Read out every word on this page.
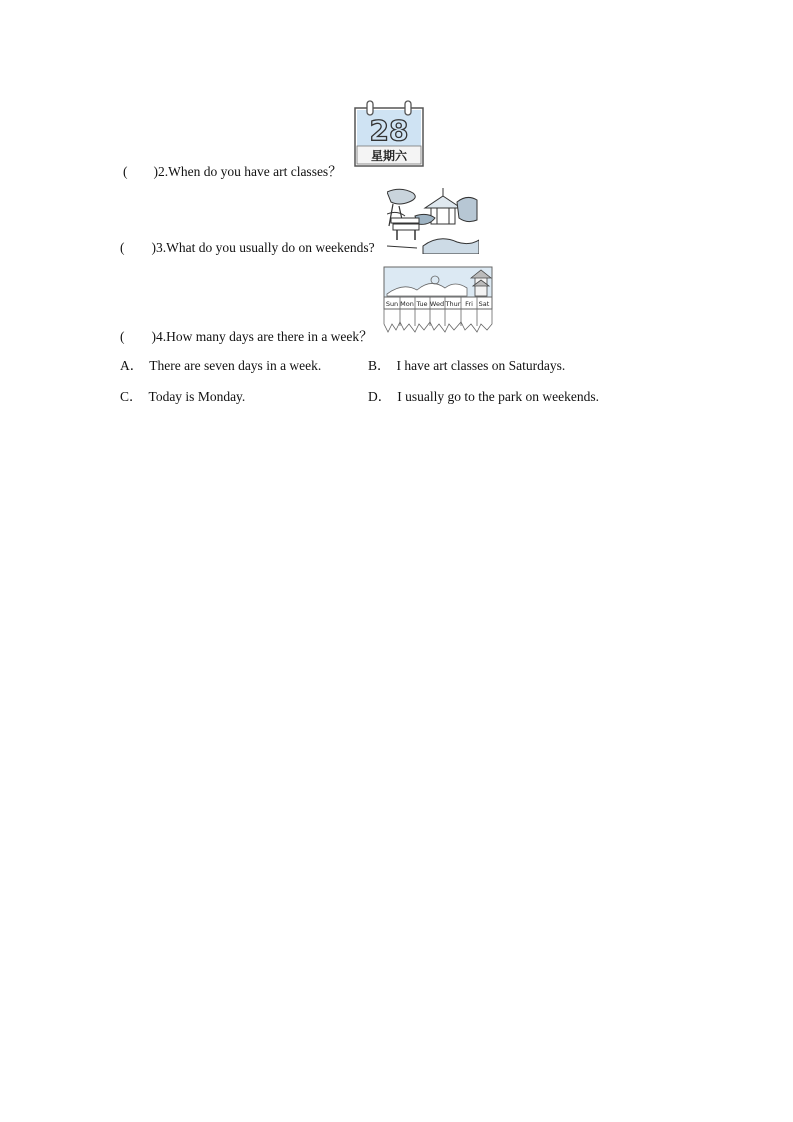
( )2.When do you have art classes？
28
星期六
( )3.What do you usually do on weekends?
( )4.How many days are there in a week？
Sun Mon Tue Wed Thur Fri Sat
A． There are seven days in a week.	B． I have art classes on Saturdays.
C． Today is Monday.	D． I usually go to the park on weekends.
